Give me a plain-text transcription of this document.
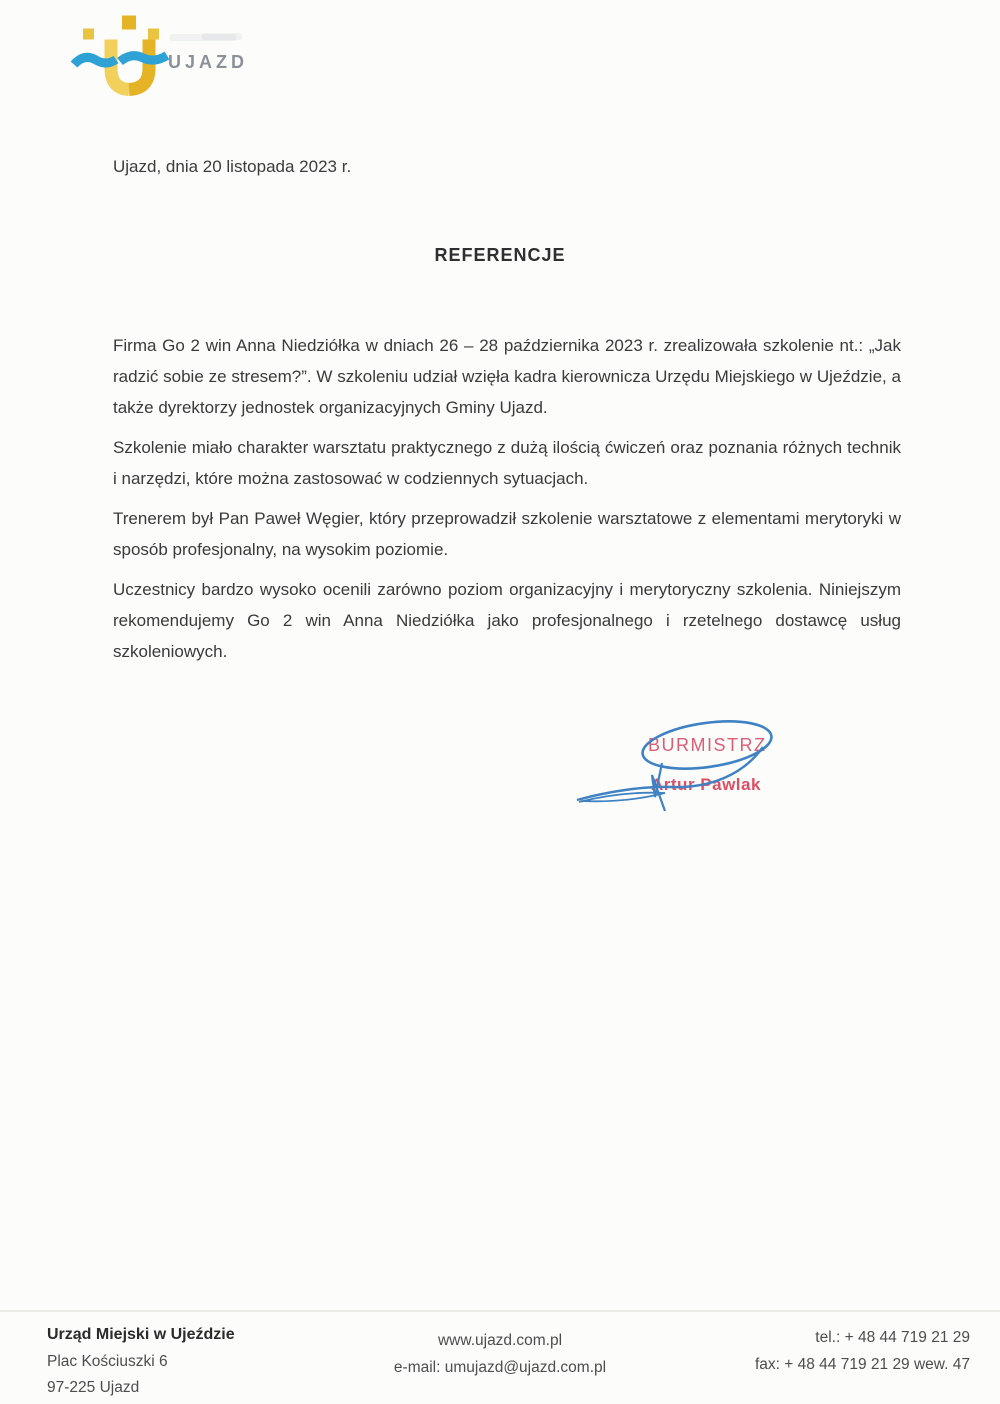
UJAZD
Ujazd, dnia 20 listopada 2023 r.
REFERENCJE

Firma Go 2 win Anna Niedziółka w dniach 26 – 28 października 2023 r. zrealizowała szkolenie nt.: „Jak radzić sobie ze stresem?”. W szkoleniu udział wzięła kadra kierownicza Urzędu Miejskiego w Ujeździe, a także dyrektorzy jednostek organizacyjnych Gminy Ujazd.

Szkolenie miało charakter warsztatu praktycznego z dużą ilością ćwiczeń oraz poznania różnych technik i narzędzi, które można zastosować w codziennych sytuacjach.

Trenerem był Pan Paweł Węgier, który przeprowadził szkolenie warsztatowe z elementami merytoryki w sposób profesjonalny, na wysokim poziomie.

Uczestnicy bardzo wysoko ocenili zarówno poziom organizacyjny i merytoryczny szkolenia. Niniejszym rekomendujemy Go 2 win Anna Niedziółka jako profesjonalnego i rzetelnego dostawcę usług szkoleniowych.

BURMISTRZ
Artur Pawlak
Urząd Miejski w Ujeździe
Plac Kościuszki 6
97-225 Ujazd
www.ujazd.com.pl
e-mail: umujazd@ujazd.com.pl
tel.: + 48 44 719 21 29
fax: + 48 44 719 21 29 wew. 47
